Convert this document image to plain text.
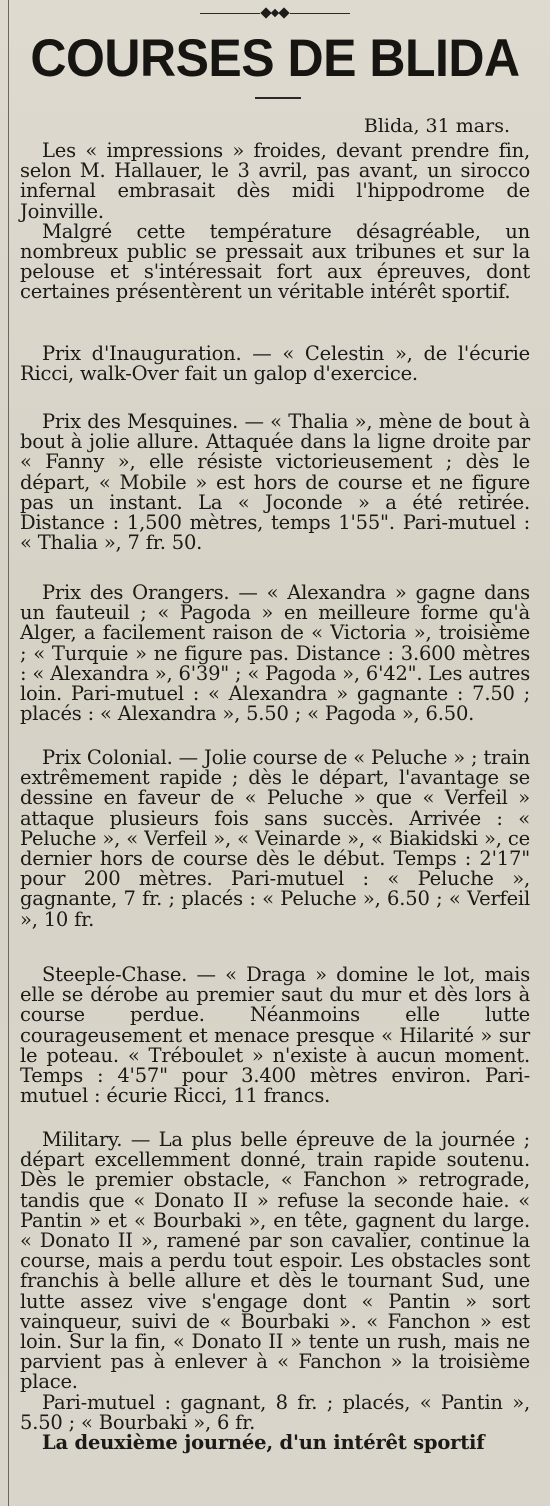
COURSES DE BLIDA
Blida, 31 mars.

Les « impressions » froides, devant prendre fin, selon M. Hallauer, le 3 avril, pas avant, un sirocco infernal embrasait dès midi l'hippodrome de Joinville.

Malgré cette température désagréable, un nombreux public se pressait aux tribunes et sur la pelouse et s'intéressait fort aux épreuves, dont certaines présentèrent un véritable intérêt sportif.

Prix d'Inauguration. — « Celestin », de l'écurie Ricci, walk-Over fait un galop d'exercice.

Prix des Mesquines. — « Thalia », mène de bout à bout à jolie allure. Attaquée dans la ligne droite par « Fanny », elle résiste victorieusement ; dès le départ, « Mobile » est hors de course et ne figure pas un instant. La « Joconde » a été retirée. Distance : 1,500 mètres, temps 1'55". Pari-mutuel : « Thalia », 7 fr. 50.

Prix des Orangers. — « Alexandra » gagne dans un fauteuil ; « Pagoda » en meilleure forme qu'à Alger, a facilement raison de « Victoria », troisième ; « Turquie » ne figure pas. Distance : 3.600 mètres : « Alexandra », 6'39" ; « Pagoda », 6'42". Les autres loin. Pari-mutuel : « Alexandra » gagnante : 7.50 ; placés : « Alexandra », 5.50 ; « Pagoda », 6.50.

Prix Colonial. — Jolie course de « Peluche » ; train extrêmement rapide ; dès le départ, l'avantage se dessine en faveur de « Peluche » que « Verfeil » attaque plusieurs fois sans succès. Arrivée : « Peluche », « Verfeil », « Veinarde », « Biakidski », ce dernier hors de course dès le début. Temps : 2'17" pour 200 mètres. Pari-mutuel : « Peluche », gagnante, 7 fr. ; placés : « Peluche », 6.50 ; « Verfeil », 10 fr.

Steeple-Chase. — « Draga » domine le lot, mais elle se dérobe au premier saut du mur et dès lors à course perdue. Néanmoins elle lutte courageusement et menace presque « Hilarité » sur le poteau. « Tréboulet » n'existe à aucun moment. Temps : 4'57" pour 3.400 mètres environ. Pari-mutuel : écurie Ricci, 11 francs.

Military. — La plus belle épreuve de la journée ; départ excellemment donné, train rapide soutenu. Dès le premier obstacle, « Fanchon » retrograde, tandis que « Donato II » refuse la seconde haie. « Pantin » et « Bourbaki », en tête, gagnent du large. « Donato II », ramené par son cavalier, continue la course, mais a perdu tout espoir. Les obstacles sont franchis à belle allure et dès le tournant Sud, une lutte assez vive s'engage dont « Pantin » sort vainqueur, suivi de « Bourbaki ». « Fanchon » est loin. Sur la fin, « Donato II » tente un rush, mais ne parvient pas à enlever à « Fanchon » la troisième place.

Pari-mutuel : gagnant, 8 fr. ; placés, « Pantin », 5.50 ; « Bourbaki », 6 fr.

La deuxième journée, d'un intérêt sportif
